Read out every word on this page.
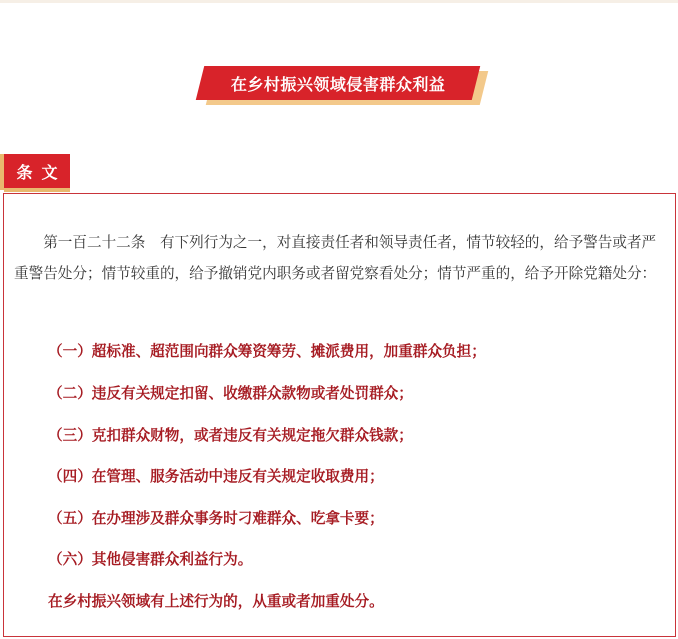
在乡村振兴领域侵害群众利益
条文

第一百二十二条　有下列行为之一，对直接责任者和领导责任者，情节较轻的，给予警告或者严重警告处分；情节较重的，给予撤销党内职务或者留党察看处分；情节严重的，给予开除党籍处分：

（一）超标准、超范围向群众筹资筹劳、摊派费用，加重群众负担；

（二）违反有关规定扣留、收缴群众款物或者处罚群众；

（三）克扣群众财物，或者违反有关规定拖欠群众钱款；

（四）在管理、服务活动中违反有关规定收取费用；

（五）在办理涉及群众事务时刁难群众、吃拿卡要；

（六）其他侵害群众利益行为。

在乡村振兴领域有上述行为的，从重或者加重处分。
